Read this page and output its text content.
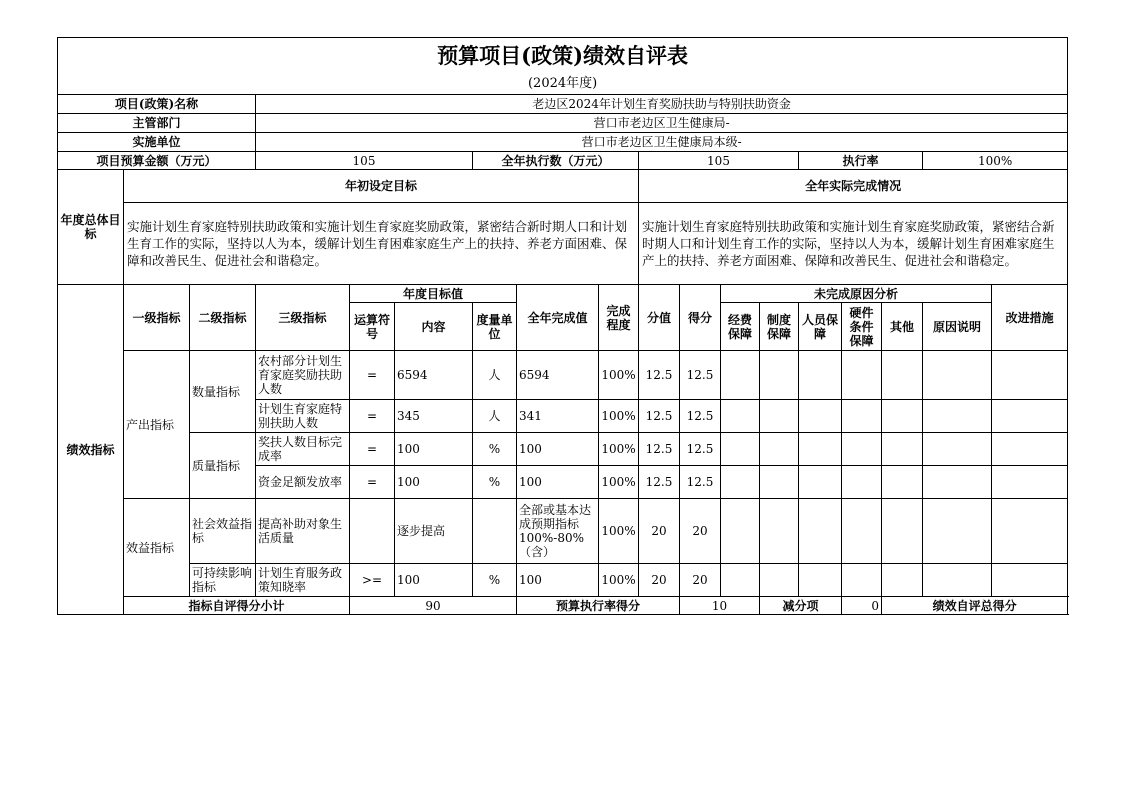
预算项目(政策)绩效自评表																		
(2024年度)																		
项目(政策)名称			老边区2024年计划生育奖励扶助与特别扶助资金															
主管部门			营口市老边区卫生健康局-															
实施单位			营口市老边区卫生健康局本级-															
项目预算金额（万元）			105			全年执行数（万元）			105				执行率			100%		
年度总体目标	年初设定目标								全年实际完成情况									
	实施计划生育家庭特别扶助政策和实施计划生育家庭奖励政策，紧密结合新时期人口和计划生育工作的实际，坚持以人为本，缓解计划生育困难家庭生产上的扶持、养老方面困难、保障和改善民生、促进社会和谐稳定。								实施计划生育家庭特别扶助政策和实施计划生育家庭奖励政策，紧密结合新时期人口和计划生育工作的实际，坚持以人为本，缓解计划生育困难家庭生产上的扶持、养老方面困难、保障和改善民生、促进社会和谐稳定。									
绩效指标	一级指标	二级指标	三级指标	年度目标值			全年完成值	完成程度	分值	得分	未完成原因分析						改进措施	
				运算符号	内容	度量单位					经费保障	制度保障	人员保障	硬件条件保障	其他	原因说明		
	产出指标	数量指标	农村部分计划生育家庭奖励扶助人数	=	6594	人	6594	100%	12.5	12.5								
			计划生育家庭特别扶助人数	=	345	人	341	100%	12.5	12.5								
		质量指标	奖扶人数目标完成率	=	100	%	100	100%	12.5	12.5								
			资金足额发放率	=	100	%	100	100%	12.5	12.5								
	效益指标	社会效益指标	提高补助对象生活质量		逐步提高		全部或基本达成预期指标100%-80%（含）	100%	20	20								
		可持续影响指标	计划生育服务政策知晓率	>=	100	%	100	100%	20	20								
	指标自评得分小计			90			预算执行率得分			10		减分项		0	绩效自评总得分	
